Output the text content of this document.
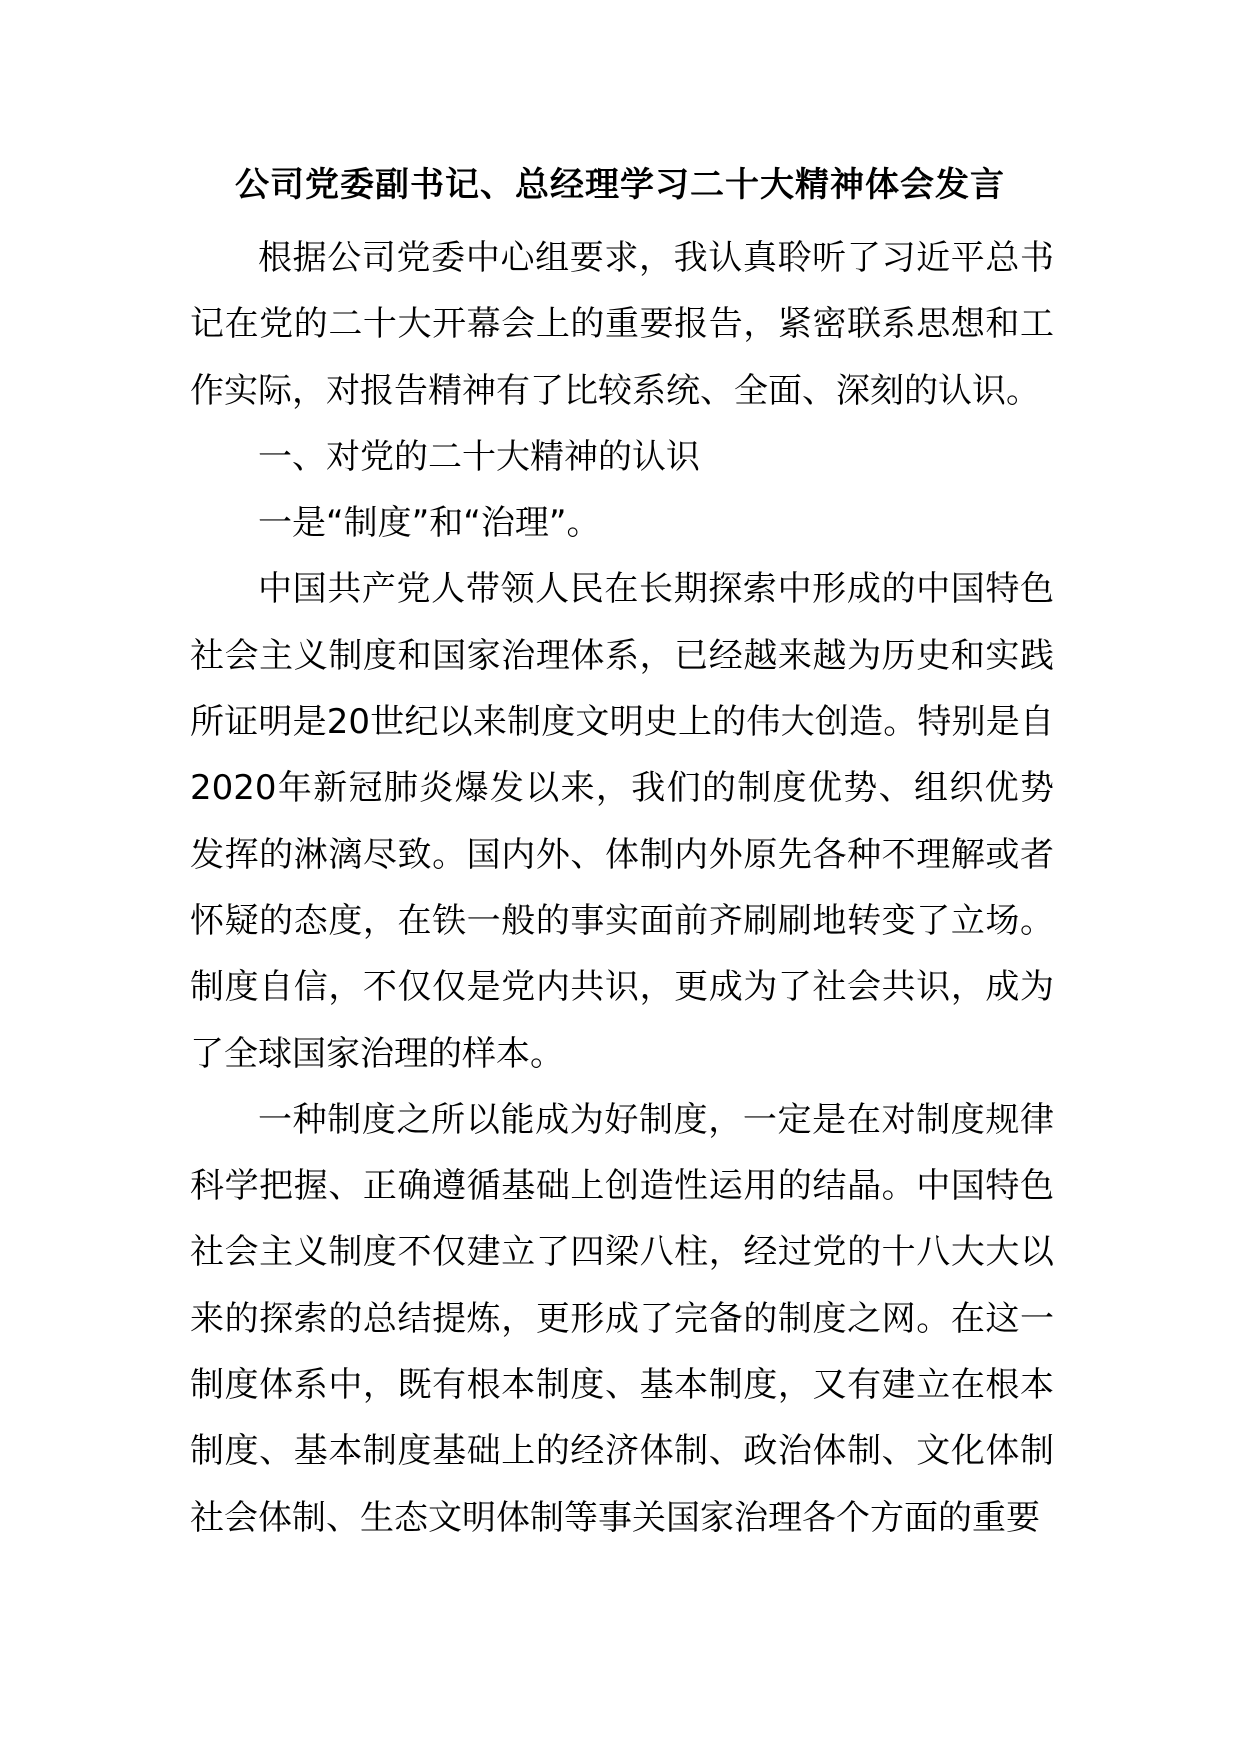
公司党委副书记、总经理学习二十大精神体会发言

根据公司党委中心组要求，我认真聆听了习近平总书记在党的二十大开幕会上的重要报告，紧密联系思想和工作实际，对报告精神有了比较系统、全面、深刻的认识。

一、对党的二十大精神的认识

一是“制度”和“治理”。

中国共产党人带领人民在长期探索中形成的中国特色社会主义制度和国家治理体系，已经越来越为历史和实践所证明是20世纪以来制度文明史上的伟大创造。特别是自2020年新冠肺炎爆发以来，我们的制度优势、组织优势发挥的淋漓尽致。国内外、体制内外原先各种不理解或者怀疑的态度，在铁一般的事实面前齐刷刷地转变了立场。制度自信，不仅仅是党内共识，更成为了社会共识，成为了全球国家治理的样本。

一种制度之所以能成为好制度，一定是在对制度规律科学把握、正确遵循基础上创造性运用的结晶。中国特色社会主义制度不仅建立了四梁八柱，经过党的十八大大以来的探索的总结提炼，更形成了完备的制度之网。在这一制度体系中，既有根本制度、基本制度，又有建立在根本制度、基本制度基础上的经济体制、政治体制、文化体制社会体制、生态文明体制等事关国家治理各个方面的重要
